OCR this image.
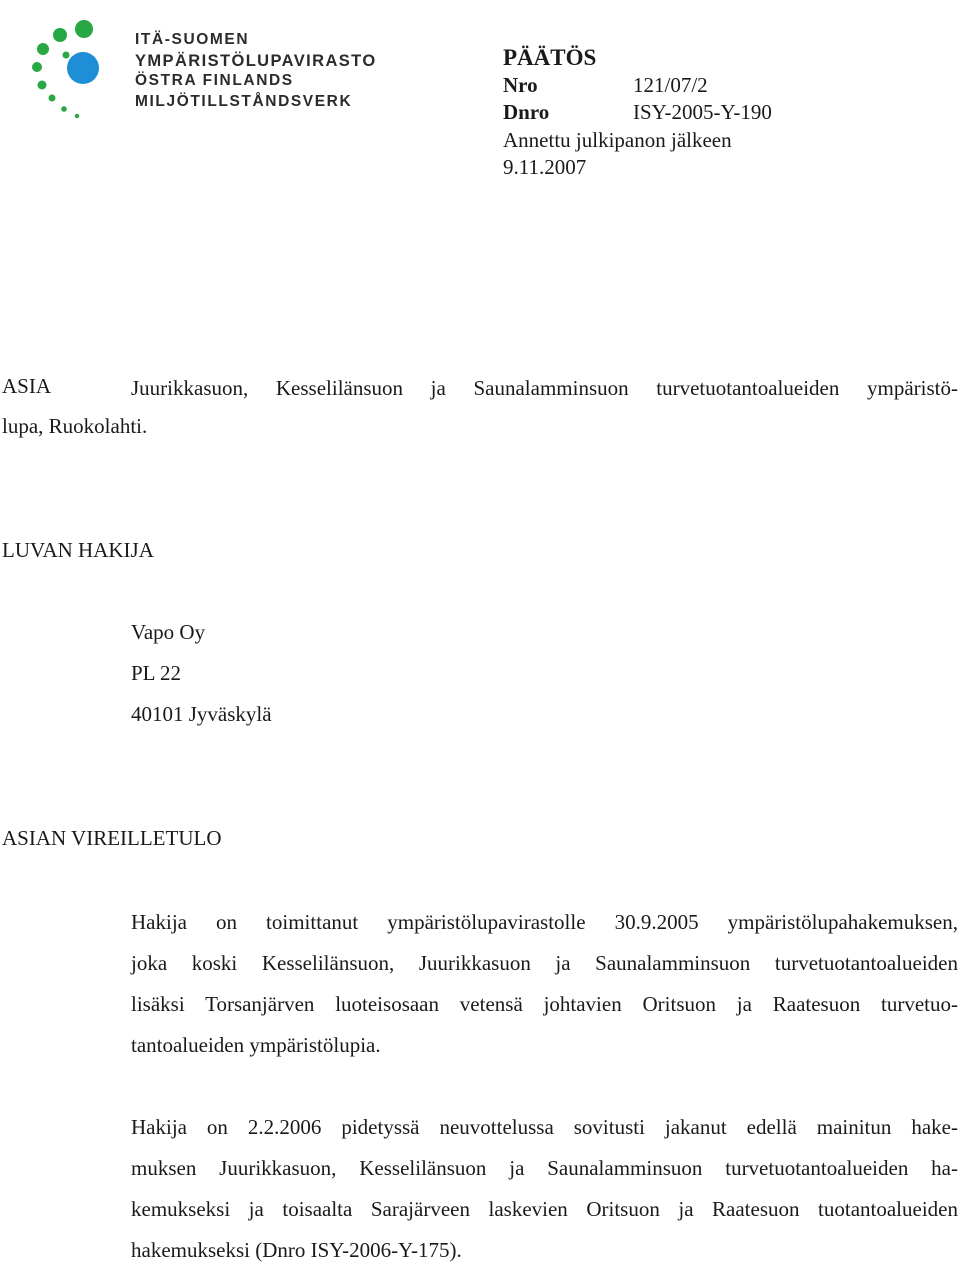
ITÄ-SUOMEN
YMPÄRISTÖLUPAVIRASTO
ÖSTRA FINLANDS
MILJÖTILLSTÅNDSVERK
PÄÄTÖS
Nro	121/07/2
Dnro	ISY-2005-Y-190
Annettu julkipanon jälkeen
9.11.2007
ASIA	Juurikkasuon, Kesselilänsuon ja Saunalamminsuon turvetuotantoalueiden ympäristö-
lupa, Ruokolahti.
LUVAN HAKIJA
Vapo Oy
PL 22
40101 Jyväskylä
ASIAN VIREILLETULO
Hakija on toimittanut ympäristölupavirastolle 30.9.2005 ympäristölupahakemuksen,
joka koski Kesselilänsuon, Juurikkasuon ja Saunalamminsuon turvetuotantoalueiden
lisäksi Torsanjärven luoteisosaan vetensä johtavien Oritsuon ja Raatesuon turvetuo-
tantoalueiden ympäristölupia.
Hakija on 2.2.2006 pidetyssä neuvottelussa sovitusti jakanut edellä mainitun hake-
muksen Juurikkasuon, Kesselilänsuon ja Saunalamminsuon turvetuotantoalueiden ha-
kemukseksi ja toisaalta Sarajärveen laskevien Oritsuon ja Raatesuon tuotantoalueiden
hakemukseksi (Dnro ISY-2006-Y-175).
